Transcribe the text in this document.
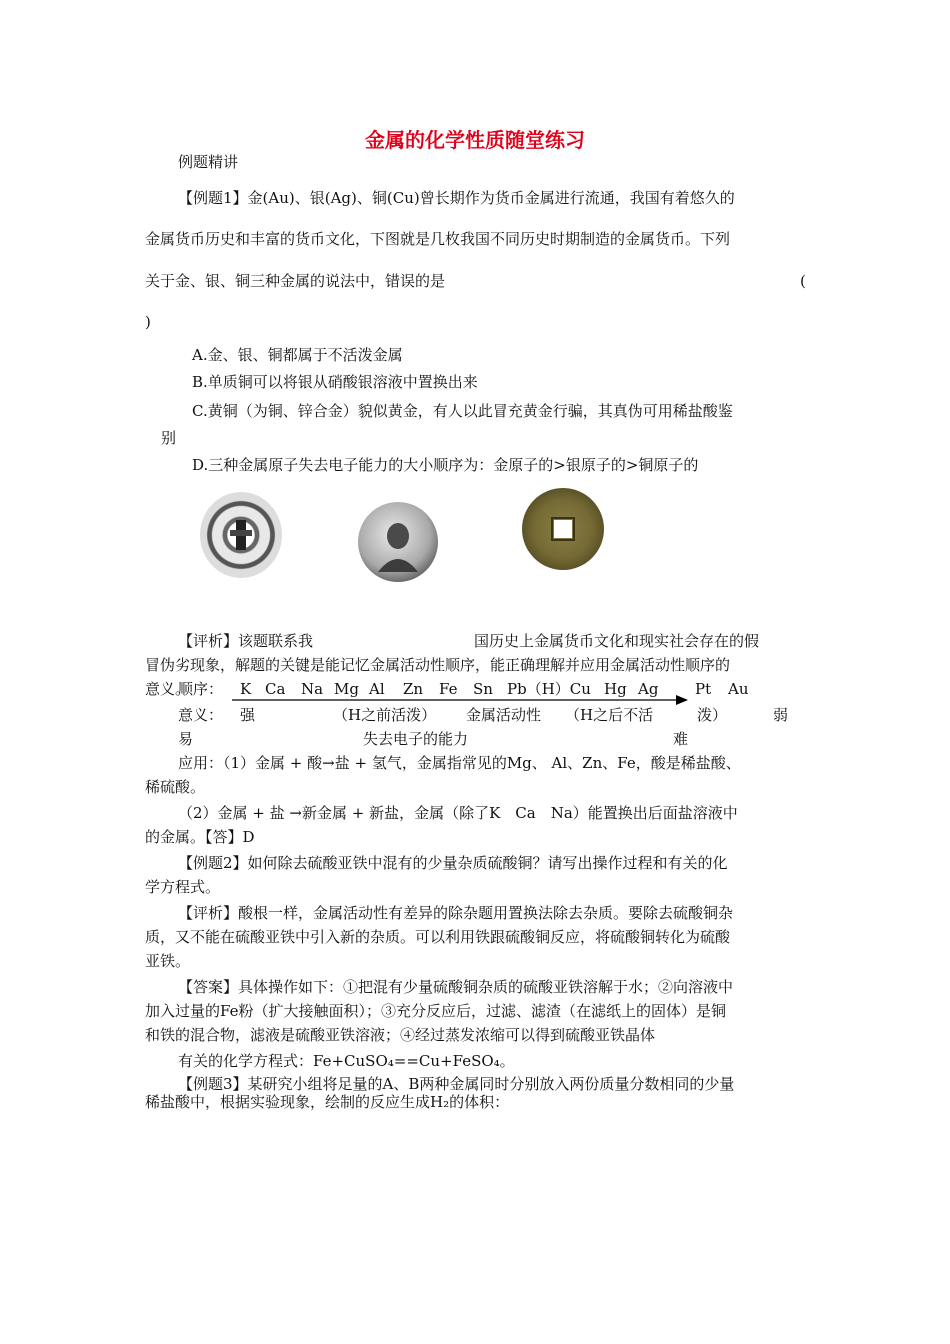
金属的化学性质随堂练习
例题精讲
【例题1】金(Au)、银(Ag)、铜(Cu)曾长期作为货币金属进行流通，我国有着悠久的
金属货币历史和丰富的货币文化，下图就是几枚我国不同历史时期制造的金属货币。下列
关于金、银、铜三种金属的说法中，错误的是	(
)
A.金、银、铜都属于不活泼金属
B.单质铜可以将银从硝酸银溶液中置换出来
C.黄铜（为铜、锌合金）貌似黄金，有人以此冒充黄金行骗，其真伪可用稀盐酸鉴
别
D.三种金属原子失去电子能力的大小顺序为：金原子的>银原子的>铜原子的
【评析】该题联系我	国历史上金属货币文化和现实社会存在的假
冒伪劣现象，解题的关键是能记忆金属活动性顺序，能正确理解并应用金属活动性顺序的
意义。
顺序： K Ca Na Mg Al Zn Fe Sn Pb（H）Cu Hg Ag Pt Au
意义： 强	（H之前活泼） 金属活动性 （H之后不活	泼）	弱
易	失去电子的能力	难
应用：（1）金属 + 酸→盐 + 氢气，金属指常见的Mg、 Al、Zn、Fe，酸是稀盐酸、
稀硫酸。
（2）金属 + 盐 →新金属 + 新盐，金属（除了K　Ca　Na）能置换出后面盐溶液中
的金属。【答】D
【例题2】如何除去硫酸亚铁中混有的少量杂质硫酸铜？请写出操作过程和有关的化
学方程式。
【评析】酸根一样，金属活动性有差异的除杂题用置换法除去杂质。要除去硫酸铜杂
质，又不能在硫酸亚铁中引入新的杂质。可以利用铁跟硫酸铜反应，将硫酸铜转化为硫酸
亚铁。
【答案】具体操作如下：①把混有少量硫酸铜杂质的硫酸亚铁溶解于水；②向溶液中
加入过量的Fe粉（扩大接触面积）；③充分反应后，过滤、滤渣（在滤纸上的固体）是铜
和铁的混合物，滤液是硫酸亚铁溶液；④经过蒸发浓缩可以得到硫酸亚铁晶体
有关的化学方程式：Fe+CuSO₄==Cu+FeSO₄。
【例题3】某研究小组将足量的A、B两种金属同时分别放入两份质量分数相同的少量
稀盐酸中，根据实验现象，绘制的反应生成H₂的体积：
